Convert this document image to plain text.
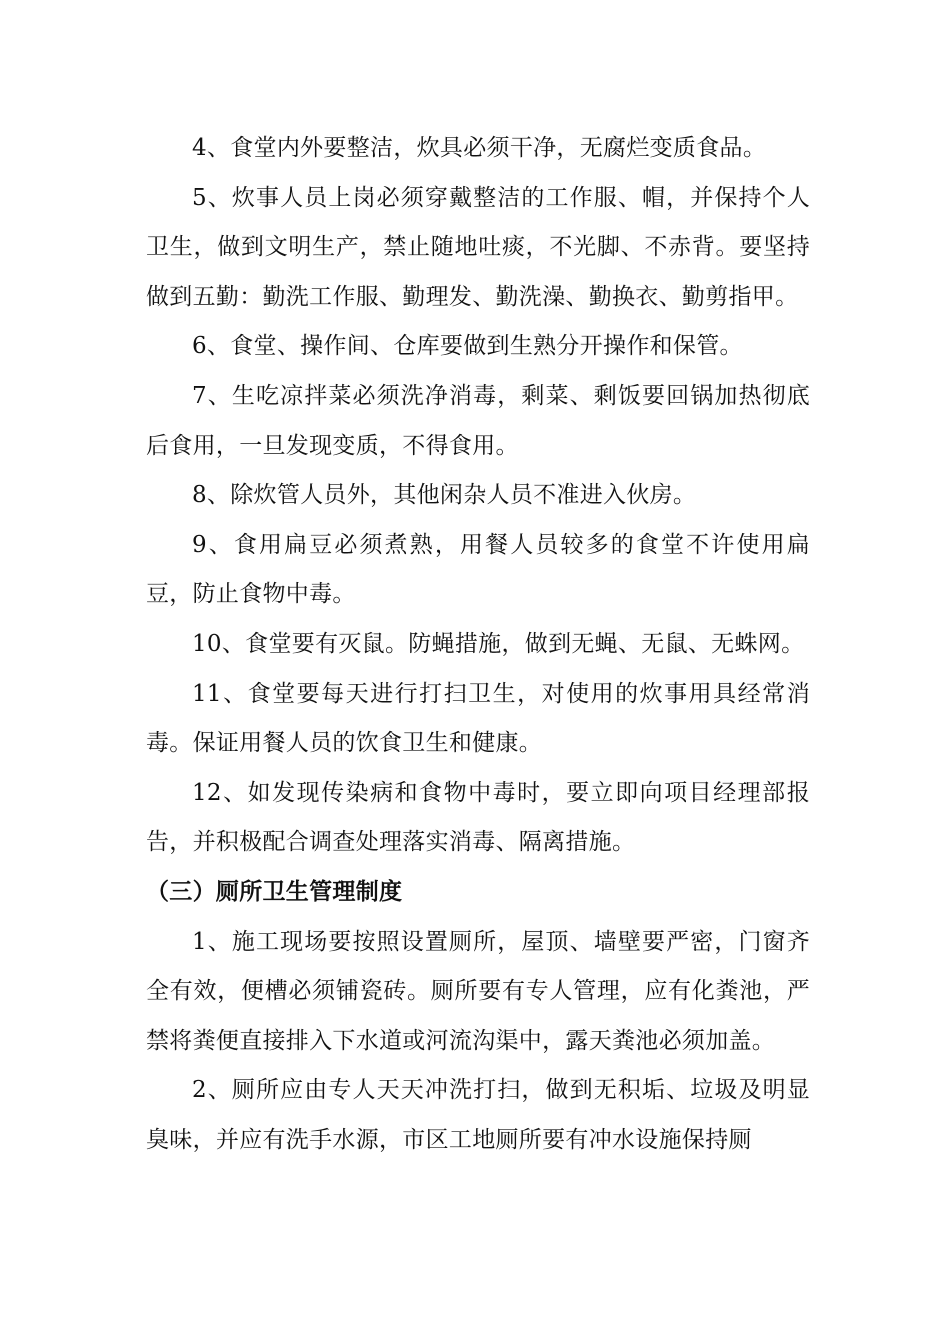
4、食堂内外要整洁，炊具必须干净，无腐烂变质食品。

5、炊事人员上岗必须穿戴整洁的工作服、帽，并保持个人卫生，做到文明生产，禁止随地吐痰，不光脚、不赤背。要坚持做到五勤：勤洗工作服、勤理发、勤洗澡、勤换衣、勤剪指甲。

6、食堂、操作间、仓库要做到生熟分开操作和保管。

7、生吃凉拌菜必须洗净消毒，剩菜、剩饭要回锅加热彻底后食用，一旦发现变质，不得食用。

8、除炊管人员外，其他闲杂人员不准进入伙房。

9、食用扁豆必须煮熟，用餐人员较多的食堂不许使用扁豆，防止食物中毒。

10、食堂要有灭鼠。防蝇措施，做到无蝇、无鼠、无蛛网。

11、食堂要每天进行打扫卫生，对使用的炊事用具经常消毒。保证用餐人员的饮食卫生和健康。

12、如发现传染病和食物中毒时，要立即向项目经理部报告，并积极配合调查处理落实消毒、隔离措施。

（三）厕所卫生管理制度

1、施工现场要按照设置厕所，屋顶、墙壁要严密，门窗齐全有效，便槽必须铺瓷砖。厕所要有专人管理，应有化粪池，严禁将粪便直接排入下水道或河流沟渠中，露天粪池必须加盖。

2、厕所应由专人天天冲洗打扫，做到无积垢、垃圾及明显臭味，并应有洗手水源，市区工地厕所要有冲水设施保持厕
